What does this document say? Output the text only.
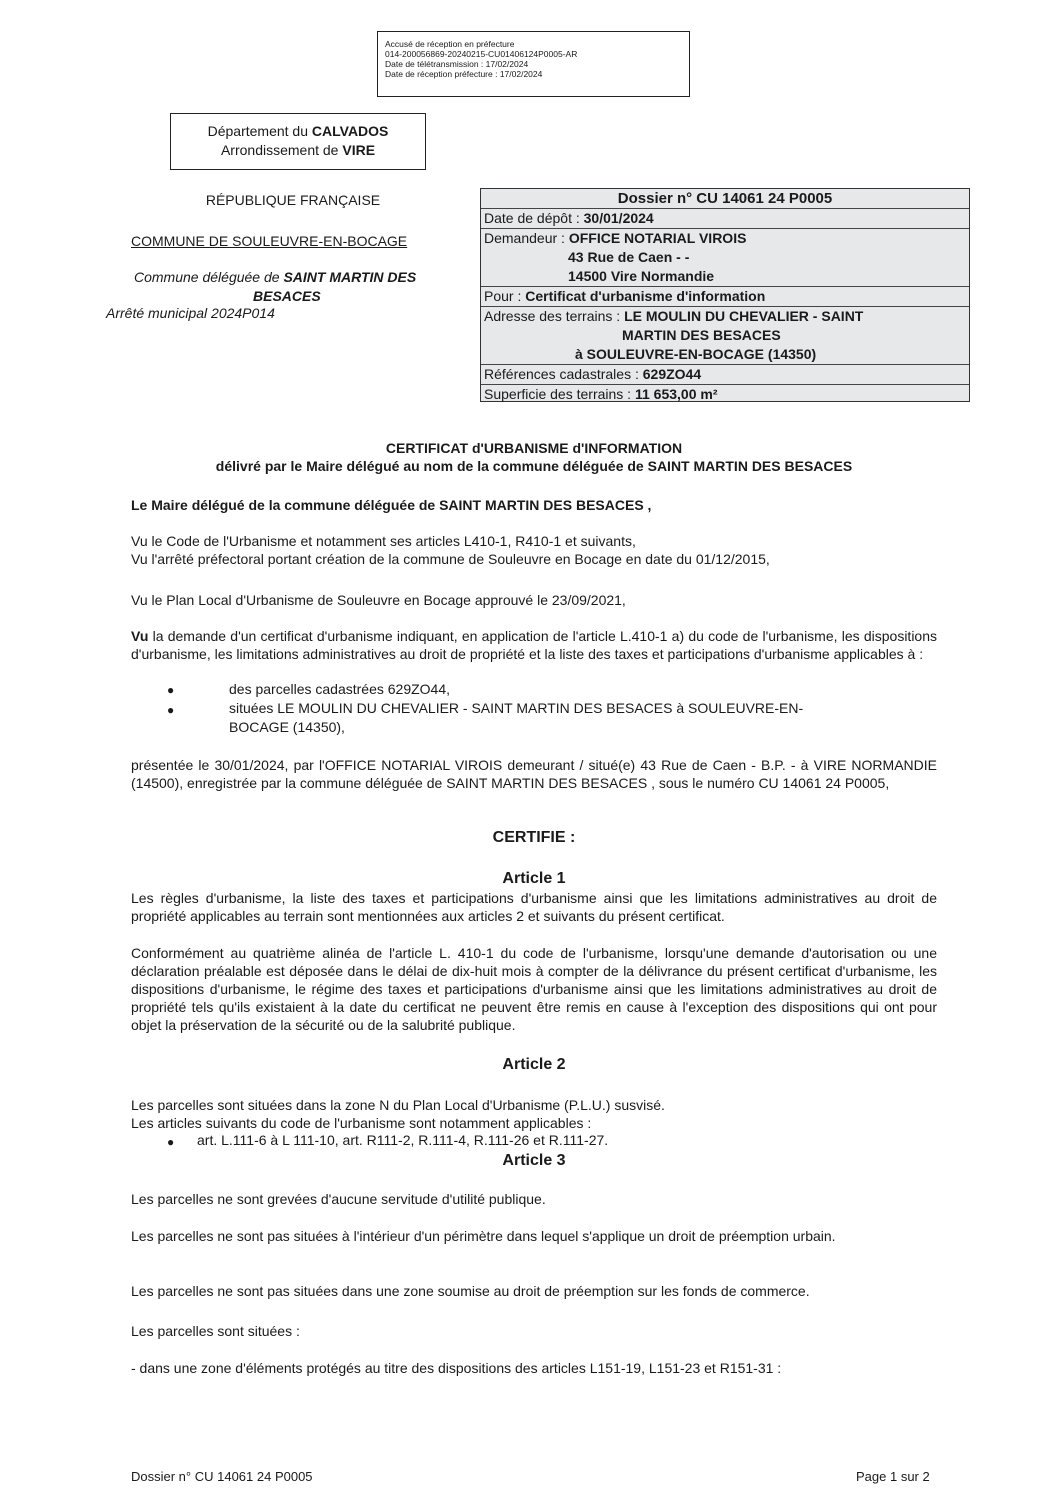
Accusé de réception en préfecture
014-200056869-20240215-CU01406124P0005-AR
Date de télétransmission : 17/02/2024
Date de réception préfecture : 17/02/2024
Département du CALVADOS
Arrondissement de VIRE
RÉPUBLIQUE FRANÇAISE
COMMUNE DE SOULEUVRE-EN-BOCAGE
Commune déléguée de SAINT MARTIN DES
BESACES
Arrêté municipal 2024P014
Dossier n° CU 14061 24 P0005
Date de dépôt : 30/01/2024
Demandeur : OFFICE NOTARIAL VIROIS
43 Rue de Caen - -
14500 Vire Normandie
Pour : Certificat d'urbanisme d'information
Adresse des terrains : LE MOULIN DU CHEVALIER - SAINT
MARTIN DES BESACES
à SOULEUVRE-EN-BOCAGE (14350)
Références cadastrales : 629ZO44
Superficie des terrains : 11 653,00 m²
CERTIFICAT d'URBANISME d'INFORMATION
délivré par le Maire délégué au nom de la commune déléguée de SAINT MARTIN DES BESACES
Le Maire délégué de la commune déléguée de SAINT MARTIN DES BESACES ,
Vu le Code de l'Urbanisme et notamment ses articles L410-1, R410-1 et suivants,
Vu l'arrêté préfectoral portant création de la commune de Souleuvre en Bocage en date du 01/12/2015,
Vu le Plan Local d'Urbanisme de Souleuvre en Bocage approuvé le 23/09/2021,
Vu la demande d'un certificat d'urbanisme indiquant, en application de l'article L.410-1 a) du code de l'urbanisme, les dispositions d'urbanisme, les limitations administratives au droit de propriété et la liste des taxes et participations d'urbanisme applicables à :
●	des parcelles cadastrées 629ZO44,
●	situées LE MOULIN DU CHEVALIER - SAINT MARTIN DES BESACES à SOULEUVRE-EN-
BOCAGE (14350),
présentée le 30/01/2024, par l'OFFICE NOTARIAL VIROIS demeurant / situé(e) 43 Rue de Caen - B.P. - à VIRE NORMANDIE (14500), enregistrée par la commune déléguée de SAINT MARTIN DES BESACES , sous le numéro CU 14061 24 P0005,
CERTIFIE :
Article 1
Les règles d'urbanisme, la liste des taxes et participations d'urbanisme ainsi que les limitations administratives au droit de propriété applicables au terrain sont mentionnées aux articles 2 et suivants du présent certificat.
Conformément au quatrième alinéa de l'article L. 410-1 du code de l'urbanisme, lorsqu'une demande d'autorisation ou une déclaration préalable est déposée dans le délai de dix-huit mois à compter de la délivrance du présent certificat d'urbanisme, les dispositions d'urbanisme, le régime des taxes et participations d'urbanisme ainsi que les limitations administratives au droit de propriété tels qu'ils existaient à la date du certificat ne peuvent être remis en cause à l'exception des dispositions qui ont pour objet la préservation de la sécurité ou de la salubrité publique.
Article 2
Les parcelles sont situées dans la zone N du Plan Local d'Urbanisme (P.L.U.) susvisé.
Les articles suivants du code de l'urbanisme sont notamment applicables :
● art. L.111-6 à L 111-10, art. R111-2, R.111-4, R.111-26 et R.111-27.
Article 3
Les parcelles ne sont grevées d'aucune servitude d'utilité publique.
Les parcelles ne sont pas situées à l'intérieur d'un périmètre dans lequel s'applique un droit de préemption urbain.
Les parcelles ne sont pas situées dans une zone soumise au droit de préemption sur les fonds de commerce.
Les parcelles sont situées :
- dans une zone d'éléments protégés au titre des dispositions des articles L151-19, L151-23 et R151-31 :
Dossier n° CU 14061 24 P0005	Page 1 sur 2
